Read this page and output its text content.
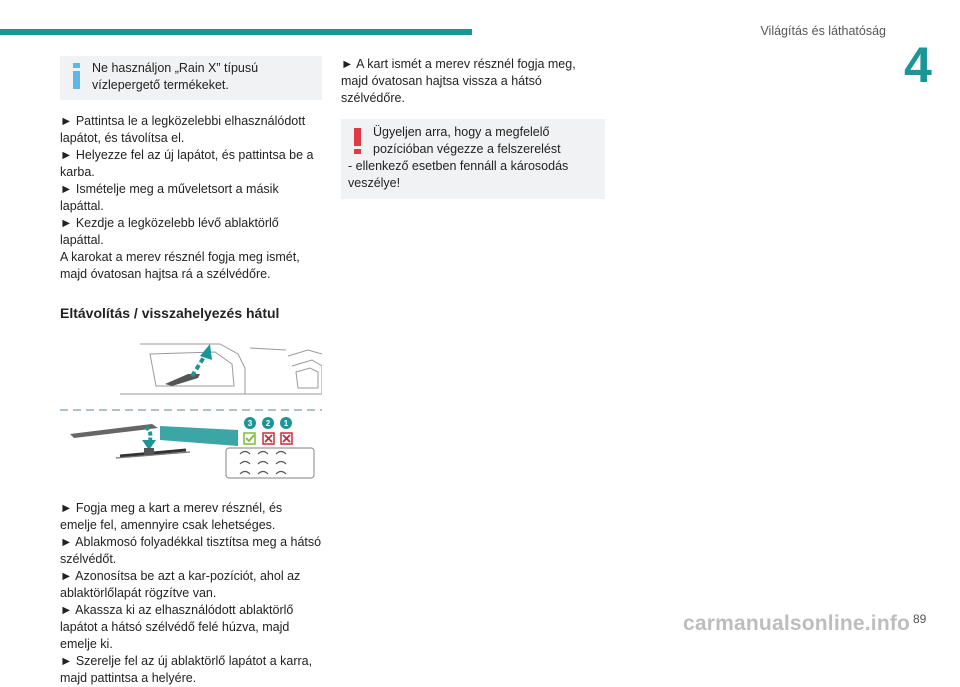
Világítás és láthatóság
4

Ne használjon „Rain X” típusú vízlepergető termékeket.

► Pattintsa le a legközelebbi elhasználódott lapátot, és távolítsa el.

► Helyezze fel az új lapátot, és pattintsa be a karba.

► Ismételje meg a műveletsort a másik lapáttal.

► Kezdje a legközelebb lévő ablaktörlő lapáttal.

A karokat a merev résznél fogja meg ismét, majd óvatosan hajtsa rá a szélvédőre.

Eltávolítás / visszahelyezés hátul

3 2 1

► Fogja meg a kart a merev résznél, és emelje fel, amennyire csak lehetséges.

► Ablakmosó folyadékkal tisztítsa meg a hátsó szélvédőt.

► Azonosítsa be azt a kar-pozíciót, ahol az ablaktörlőlapát rögzítve van.

► Akassza ki az elhasználódott ablaktörlő lapátot a hátsó szélvédő felé húzva, majd emelje ki.

► Szerelje fel az új ablaktörlő lapátot a karra, majd pattintsa a helyére.

► A kart ismét a merev résznél fogja meg, majd óvatosan hajtsa vissza a hátsó szélvédőre.

Ügyeljen arra, hogy a megfelelő pozícióban végezze a felszerelést

- ellenkező esetben fennáll a károsodás veszélye!

carmanualsonline.info 89
